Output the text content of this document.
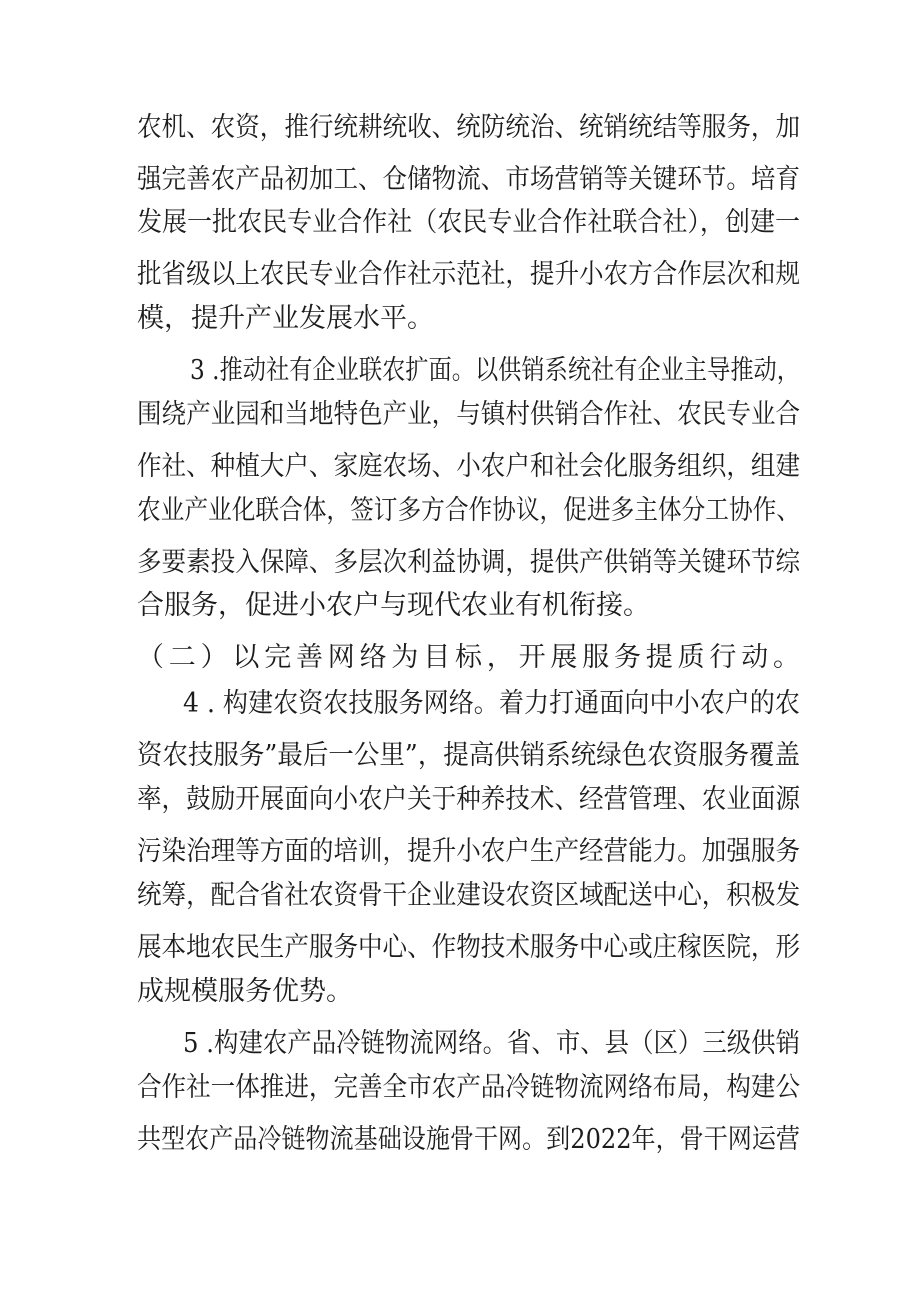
农机、农资，推行统耕统收、统防统治、统销统结等服务，加
强完善农产品初加工、仓储物流、市场营销等关键环节。培育
发展一批农民专业合作社（农民专业合作社联合社），创建一
批省级以上农民专业合作社示范社，提升小农方合作层次和规
模，提升产业发展水平。
3 .推动社有企业联农扩面。以供销系统社有企业主导推动，
围绕产业园和当地特色产业，与镇村供销合作社、农民专业合
作社、种植大户、家庭农场、小农户和社会化服务组织，组建
农业产业化联合体，签订多方合作协议，促进多主体分工协作、
多要素投入保障、多层次利益协调，提供产供销等关键环节综
合服务，促进小农户与现代农业有机衔接。
（二）以完善网络为目标，开展服务提质行动。
4 . 构建农资农技服务网络。着力打通面向中小农户的农
资农技服务”最后一公里”，提高供销系统绿色农资服务覆盖
率，鼓励开展面向小农户关于种养技术、经营管理、农业面源
污染治理等方面的培训，提升小农户生产经营能力。加强服务
统筹，配合省社农资骨干企业建设农资区域配送中心，积极发
展本地农民生产服务中心、作物技术服务中心或庄稼医院，形
成规模服务优势。
5 .构建农产品冷链物流网络。省、市、县（区）三级供销
合作社一体推进，完善全市农产品冷链物流网络布局，构建公
共型农产品冷链物流基础设施骨干网。到2022年，骨干网运营
